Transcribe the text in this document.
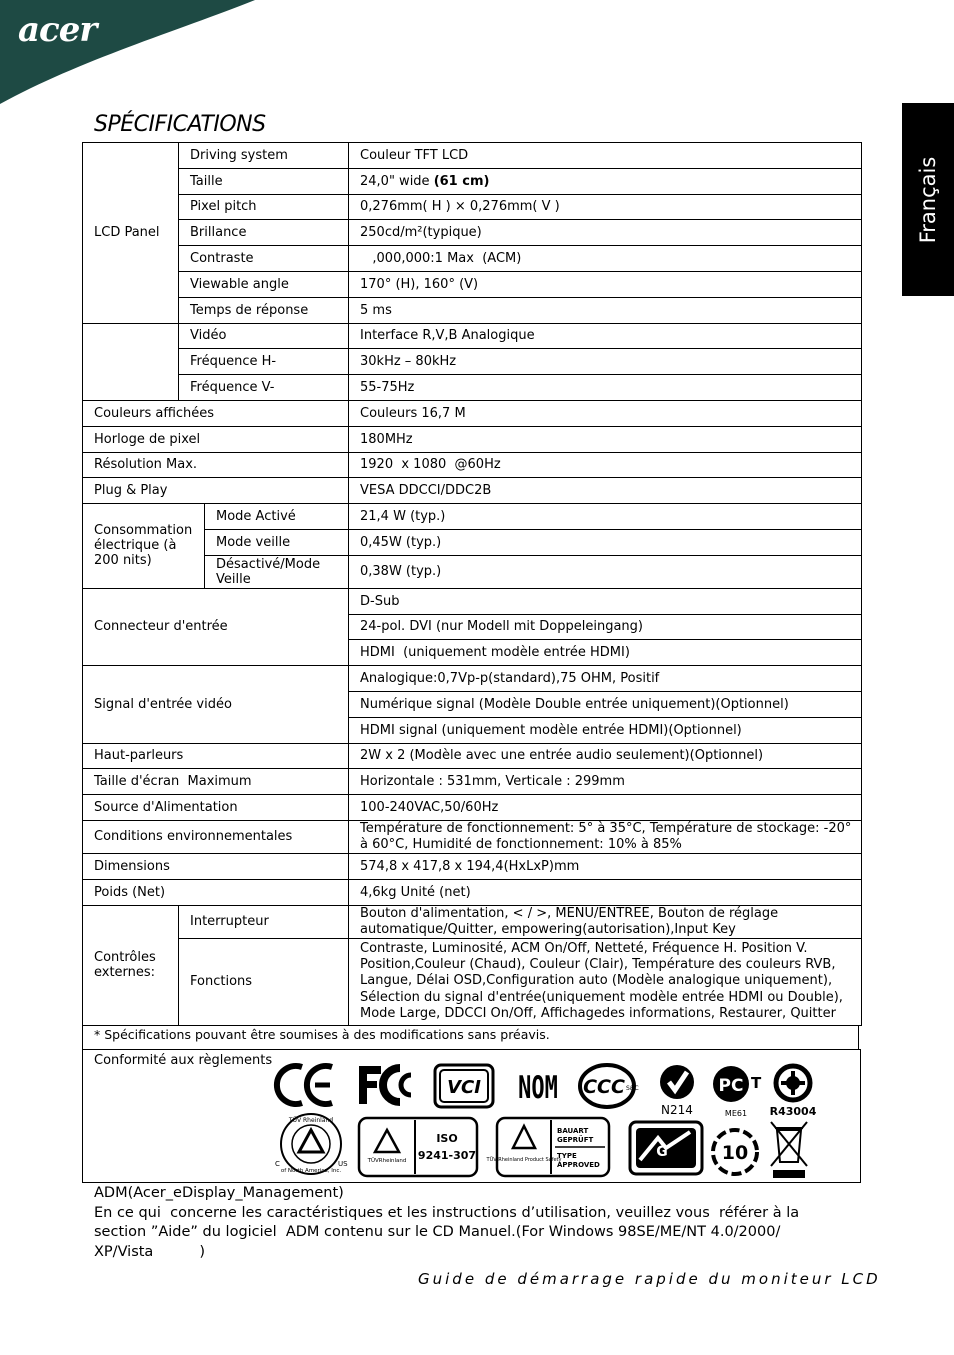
acer
Français
SPÉCIFICATIONS
LCD Panel	Driving system		Couleur TFT LCD
	Taille		24,0" wide (61 cm)
	Pixel pitch		0,276mm( H ) × 0,276mm( V )
	Brillance		250cd/m²(typique)
	Contraste		,000,000:1 Max  (ACM)
	Viewable angle		170° (H), 160° (V)
	Temps de réponse		5 ms
	Vidéo		Interface R,V,B Analogique
	Fréquence H-		30kHz – 80kHz
	Fréquence V-		55-75Hz
Couleurs affichées			Couleurs 16,7 M
Horloge de pixel			180MHz
Résolution Max.			1920  x 1080  @60Hz
Plug & Play			VESA DDCCI/DDC2B
Consommation électrique (à 200 nits)		Mode Activé	21,4 W (typ.)
		Mode veille	0,45W (typ.)
		Désactivé/Mode Veille	0,38W (typ.)
Connecteur d'entrée			D-Sub
			24-pol. DVI (nur Modell mit Doppeleingang)
			HDMI  (uniquement modèle entrée HDMI)
Signal d'entrée vidéo			Analogique:0,7Vp-p(standard),75 OHM, Positif
			Numérique signal (Modèle Double entrée uniquement)(Optionnel)
			HDMI signal (uniquement modèle entrée HDMI)(Optionnel)
Haut-parleurs			2W x 2 (Modèle avec une entrée audio seulement)(Optionnel)
Taille d'écran  Maximum			Horizontale : 531mm, Verticale : 299mm
Source d'Alimentation			100-240VAC,50/60Hz
Conditions environnementales			Température de fonctionnement: 5° à 35°C, Température de stockage: -20° à 60°C, Humidité de fonctionnement: 10% à 85%
Dimensions			574,8 x 417,8 x 194,4(HxLxP)mm
Poids (Net)			4,6kg Unité (net)
Contrôles externes:	Interrupteur		Bouton d'alimentation, < / >, MENU/ENTREE, Bouton de réglage automatique/Quitter, empowering(autorisation),Input Key
	Fonctions		Contraste, Luminosité, ACM On/Off, Netteté, Fréquence H. Position V. Position,Couleur (Chaud), Couleur (Clair), Température des couleurs RVB, Langue, Délai OSD,Configuration auto (Modèle analogique uniquement), Sélection du signal d'entrée(uniquement modèle entrée HDMI ou Double), Mode Large, DDCCI On/Off, Affichagedes informations, Restaurer, Quitter
* Spécifications pouvant être soumises à des modifications sans préavis.
Conformité aux règlements
VCI NOM CCC S&C
N214
PC T
ME61 R43004
TÜV Rheinland
of North America, Inc.
C	US	TÜVRheinland
ISO
9241-307 TÜV Rheinland Product Safety
BAUART
GEPRÜFT
TYPE
APPROVED
G	10
ADM(Acer_eDisplay_Management)
En ce qui  concerne les caractéristiques et les instructions d’utilisation, veuillez vous  référer à la section ”Aide” du logiciel  ADM contenu sur le CD Manuel.(For Windows 98SE/ME/NT 4.0/2000/ XP/Vista          )
Guide de démarrage rapide du moniteur LCD
